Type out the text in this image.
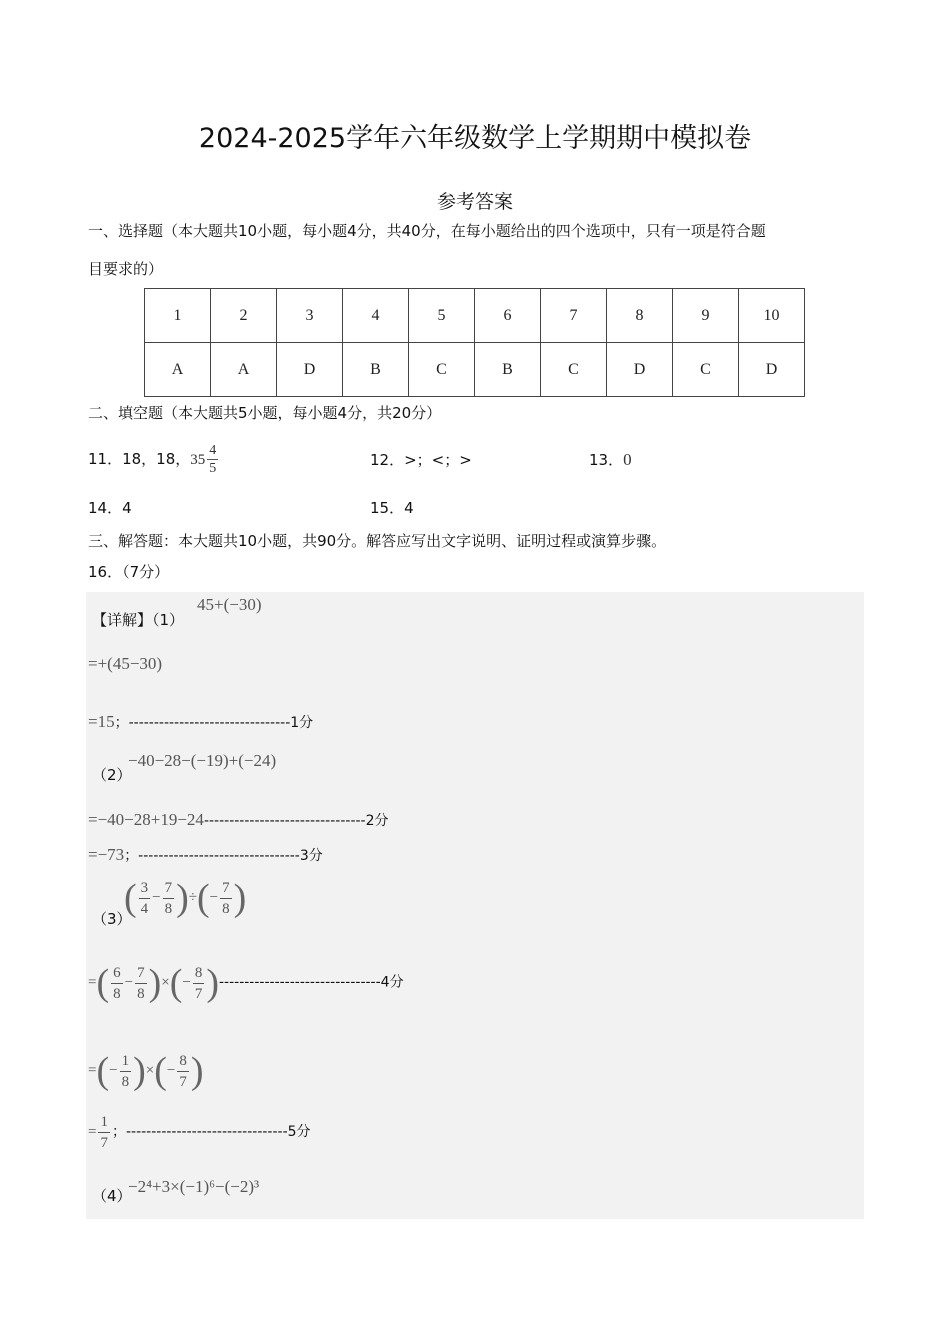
2024-2025学年六年级数学上学期期中模拟卷
参考答案
一、选择题（本大题共10小题，每小题4分，共40分，在每小题给出的四个选项中，只有一项是符合题
目要求的）
1	2	3	4	5	6	7	8	9	10
A	A	D	B	C	B	C	D	C	D
二、填空题（本大题共5小题，每小题4分，共20分）
11．18，18，$35 \frac{4}{5}$	12．>；<；>	13．0
14．4	15．4
三、解答题：本大题共10小题，共90分。解答应写出文字说明、证明过程或演算步骤。
16．（7分）
【详解】（1）
45+(−30)
=+(45−30)
=15；--------------------------------1分
（2）
−40−28−(−19)+(−24)
=−40−28+19−24--------------------------------2分
=−73；--------------------------------3分
（3）
( $\frac{3}{4} - \frac{7}{8}$ )÷(− $\frac{7}{8}$ )
=( $\frac{6}{8} - \frac{7}{8}$ )×(− $\frac{8}{7} )--------------------------------4$分
=(− $\frac{1}{8}$ )×(− $\frac{8}{7}$ )
= $\frac{1}{7}$ ；--------------------------------5分
（4）
−2⁴+3×(−1)⁶−(−2)³
